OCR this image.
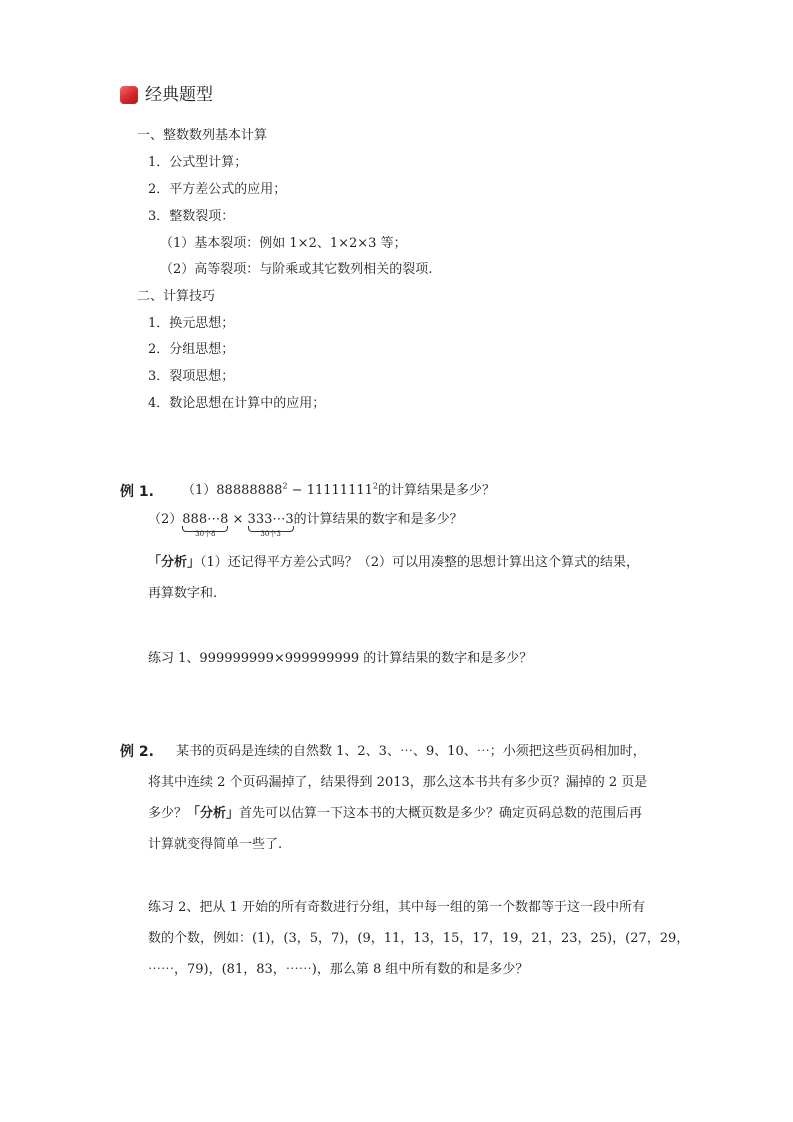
经典题型
一、整数数列基本计算
1．公式型计算；
2．平方差公式的应用；
3．整数裂项：
（1）基本裂项：例如 1×2、1×2×3 等；
（2）高等裂项：与阶乘或其它数列相关的裂项.
二、计算技巧
1．换元思想；
2．分组思想；
3．裂项思想；
4．数论思想在计算中的应用；
例 1. $(1)88888888^2 - 11111111^2$的计算结果是多少？
（2）888⋯8
30个8
× 333⋯3
30个3
的计算结果的数字和是多少？
「分析」（1）还记得平方差公式吗？（2）可以用凑整的思想计算出这个算式的结果，
再算数字和.
练习 1、999999999×999999999 的计算结果的数字和是多少？
例 2. 某书的页码是连续的自然数 1、2、3、⋯、9、10、⋯；小须把这些页码相加时，
将其中连续 2 个页码漏掉了，结果得到 2013，那么这本书共有多少页？漏掉的 2 页是
多少？「分析」首先可以估算一下这本书的大概页数是多少？确定页码总数的范围后再
计算就变得简单一些了.
练习 2、把从 1 开始的所有奇数进行分组，其中每一组的第一个数都等于这一段中所有
数的个数，例如：(1)，(3，5，7)，(9，11，13，15，17，19，21，23，25)，(27，29，
⋯⋯，79)，(81，83，⋯⋯)，那么第 8 组中所有数的和是多少？
